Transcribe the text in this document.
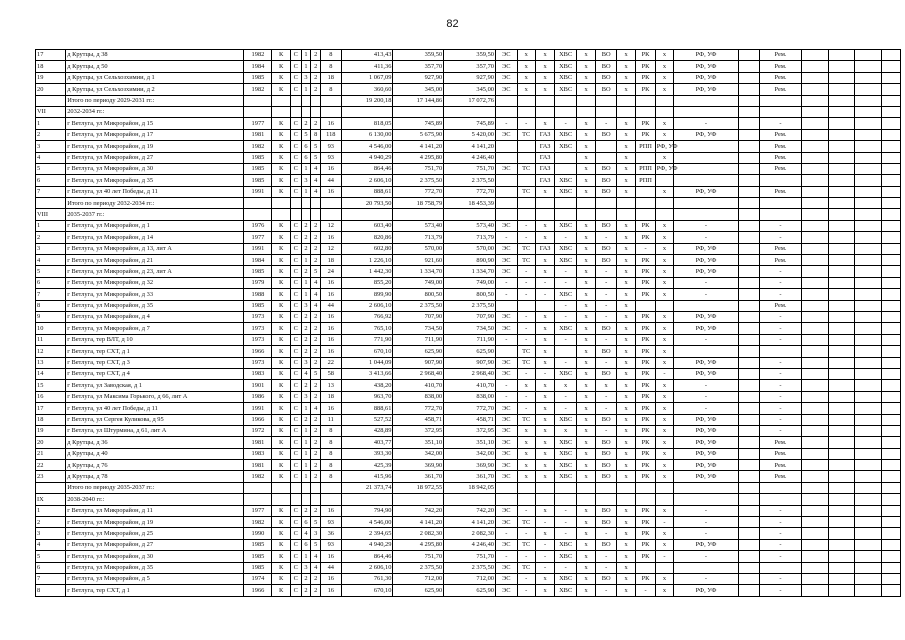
82
17	д Крутцы, д 38	1982	К	С	1	2	8	413,43	359,50	359,50	ЭС	х	х	ХВС	х	ВО	х	РК	х	РФ, УФ		Рем.				
18	д Крутцы, д 50	1984	К	С	1	2	8	411,36	357,70	357,70	ЭС	х	х	ХВС	х	ВО	х	РК	х	РФ, УФ		Рем.				
19	д Крутцы, ул Сельхозхимии, д 1	1985	К	С	3	2	18	1 067,09	927,90	927,90	ЭС	х	х	ХВС	х	ВО	х	РК	х	РФ, УФ		Рем.				
20	д Крутцы, ул Сельхозхимии, д 2	1982	К	С	1	2	8	360,60	345,00	345,00	ЭС	х	х	ХВС	х	ВО	х	РК	х	РФ, УФ		Рем.				
	Итого по периоду 2029-2031 гг.:							19 200,18	17 144,86	17 072,76																
VII	2032-2034 гг.:																									
1	г Ветлуга, ул Микрорайон, д 15	1977	К	С	2	2	16	818,05	745,89	745,89	-	-	х	-	х	-	х	РК	х	-		-				
2	г Ветлуга, ул Микрорайон, д 17	1981	К	С	5	8	118	6 130,00	5 675,90	5 420,00	ЭС	ТС	ГАЗ	ХВС	х	ВО	х	РК	х	РФ, УФ		Рем.				
3	г Ветлуга, ул Микрорайон, д 19	1982	К	С	6	5	93	4 546,00	4 141,20	4 141,20			ГАЗ	ХВС	х		х	РПП	РФ, УФ			Рем.				
4	г Ветлуга, ул Микрорайон, д 27	1985	К	С	6	5	93	4 940,29	4 295,80	4 246,40			ГАЗ		х		х		х			Рем.				
5	г Ветлуга, ул Микрорайон, д 30	1985	К	С	1	4	16	864,46	751,70	751,70	ЭС	ТС	ГАЗ		х	ВО	х	РПП	РФ, УФ			Рем.				
6	г Ветлуга, ул Микрорайон, д 35	1985	К	С	3	4	44	2 606,10	2 375,50	2 375,50			ГАЗ	ХВС	х	ВО	х	РПП								
7	г Ветлуга, ул 40 лет Победы, д 11	1991	К	С	1	4	16	888,61	772,70	772,70		ТС	х	ХВС	х	ВО	х		х	РФ, УФ		Рем.				
	Итого по периоду 2032-2034 гг.:							20 793,50	18 758,79	18 453,39																
VIII	2035-2037 гг.:																									
1	г Ветлуга, ул Микрорайон, д 1	1976	К	С	2	2	12	603,40	573,40	573,40	ЭС	-	х	ХВС	х	ВО	х	РК	х	-		-				
2	г Ветлуга, ул Микрорайон, д 14	1977	К	С	2	2	16	820,86	713,79	713,79	-	-	х	-	х	-	х	РК	х	-		-				
3	г Ветлуга, ул Микрорайон, д 13, лит А	1991	К	С	2	2	12	602,80	570,00	570,00	ЭС	ТС	ГАЗ	ХВС	х	ВО	х	-	х	РФ, УФ		Рем.				
4	г Ветлуга, ул Микрорайон, д 21	1984	К	С	1	2	18	1 226,10	921,60	890,90	ЭС	ТС	х	ХВС	х	ВО	х	РК	х	РФ, УФ		Рем.				
5	г Ветлуга, ул Микрорайон, д 23, лит А	1985	К	С	2	5	24	1 442,30	1 334,70	1 334,70	ЭС	-	х	-	х	-	х	РК	х	РФ, УФ		-				
6	г Ветлуга, ул Микрорайон, д 32	1979	К	С	1	4	16	855,20	749,00	749,00	-	-	-	-	х	-	х	РК	х	-		-				
7	г Ветлуга, ул Микрорайон, д 33	1988	К	С	1	4	16	899,90	800,50	800,50	-	-	-	ХВС	х	-	х	РК	х	-		-				
8	г Ветлуга, ул Микрорайон, д 35	1985	К	С	3	4	44	2 606,10	2 375,50	2 375,50				-	х	-	х					Рем.				
9	г Ветлуга, ул Микрорайон, д 4	1973	К	С	2	2	16	766,92	707,90	707,90	ЭС	-	х	-	х	-	х	РК	х	РФ, УФ		-				
10	г Ветлуга, ул Микрорайон, д 7	1973	К	С	2	2	16	765,10	734,50	734,50	ЭС	-	х	ХВС	х	ВО	х	РК	х	РФ, УФ		-				
11	г Ветлуга, тер ВЛТ, д 10	1973	К	С	2	2	16	771,90	711,90	711,90	-	-	х	-	х	-	х	РК	х	-		-				
12	г Ветлуга, тер СХТ, д 1	1966	К	С	2	2	16	670,10	625,90	625,90		ТС	х		х	ВО	х	РК	х							
13	г Ветлуга, тер СХТ, д 3	1973	К	С	3	2	22	1 044,09	907,90	907,90	ЭС	ТС	х	-	х	-	х	РК	х	РФ, УФ		-				
14	г Ветлуга, тер СХТ, д 4	1983	К	С	4	5	58	3 413,66	2 968,40	2 968,40	ЭС	-	-	ХВС	х	ВО	х	РК	-	РФ, УФ		-				
15	г Ветлуга, ул Заводская, д 1	1901	К	С	2	2	13	438,20	410,70	410,70	-	х	х	х	х	х	х	РК	х	-		-				
16	г Ветлуга, ул Максима Горького, д 66, лит А	1986	К	С	3	2	18	963,70	838,00	838,00	-	-	х	-	х	-	х	РК	х	-		-				
17	г Ветлуга, ул 40 лет Победы, д 11	1991	К	С	1	4	16	888,61	772,70	772,70	ЭС	-	х	-	х	-	х	РК	х	-		-				
18	г Ветлуга, ул Сергея Куликова, д 95	1966	К	С	2	2	11	527,52	458,71	458,71	ЭС	ТС	х	ХВС	х	ВО	х	РК	х	РФ, УФ		-				
19	г Ветлуга, ул Штурмина, д 61, лит А	1972	К	С	1	2	8	428,89	372,95	372,95	ЭС	х	х	х	х	-	х	РК	х	РФ, УФ		-				
20	д Крутцы, д 36	1981	К	С	1	2	8	403,77	351,10	351,10	ЭС	х	х	ХВС	х	ВО	х	РК	х	РФ, УФ		Рем.				
21	д Крутцы, д 40	1983	К	С	1	2	8	393,30	342,00	342,00	ЭС	х	х	ХВС	х	ВО	х	РК	х	РФ, УФ		Рем.				
22	д Крутцы, д 76	1981	К	С	1	2	8	425,39	369,90	369,90	ЭС	х	х	ХВС	х	ВО	х	РК	х	РФ, УФ		Рем.				
23	д Крутцы, д 78	1982	К	С	1	2	8	415,96	361,70	361,70	ЭС	х	х	ХВС	х	ВО	х	РК	х	РФ, УФ		Рем.				
	Итого по периоду 2035-2037 гг.:							21 373,74	18 972,55	18 942,05																
IX	2038-2040 гг.:																									
1	г Ветлуга, ул Микрорайон, д 11	1977	К	С	2	2	16	794,90	742,20	742,20	ЭС	-	х	-	х	ВО	х	РК	х	-		-				
2	г Ветлуга, ул Микрорайон, д 19	1982	К	С	6	5	93	4 546,00	4 141,20	4 141,20	ЭС	ТС	-	-	х	ВО	х	РК	-	-		-				
3	г Ветлуга, ул Микрорайон, д 25	1990	К	С	4	3	36	2 394,65	2 082,30	2 082,30	-	-	х	-	х	-	х	РК	х	-		-				
4	г Ветлуга, ул Микрорайон, д 27	1985	К	С	6	5	93	4 940,29	4 295,80	4 246,40	ЭС	ТС	-	ХВС	х	ВО	х	РК	х	РФ, УФ		-				
5	г Ветлуга, ул Микрорайон, д 30	1985	К	С	1	4	16	864,46	751,70	751,70	-	-	-	ХВС	х	-	х	РК	-	-		-				
6	г Ветлуга, ул Микрорайон, д 35	1985	К	С	3	4	44	2 606,10	2 375,50	2 375,50	ЭС	ТС	-	-	х	-	х									
7	г Ветлуга, ул Микрорайон, д 5	1974	К	С	2	2	16	761,30	712,00	712,00	ЭС	-	х	ХВС	х	ВО	х	РК	х	-		-				
8	г Ветлуга, тер СХТ, д 1	1966	К	С	2	2	16	670,10	625,90	625,90	ЭС	-	х	ХВС	х	-	х	-	х	РФ, УФ		-				
